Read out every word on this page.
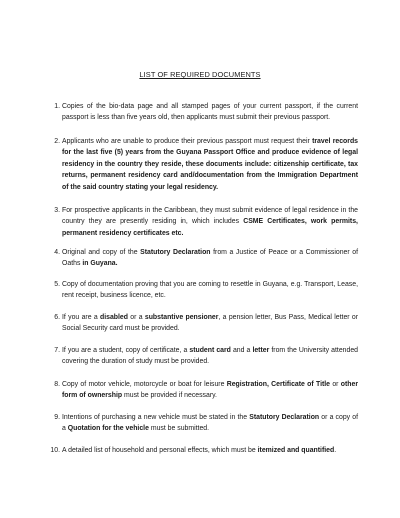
LIST OF REQUIRED DOCUMENTS
1. Copies of the bio-data page and all stamped pages of your current passport, if the current passport is less than five years old, then applicants must submit their previous passport.
2. Applicants who are unable to produce their previous passport must request their travel records for the last five (5) years from the Guyana Passport Office and produce evidence of legal residency in the country they reside, these documents include: citizenship certificate, tax returns, permanent residency card and/documentation from the Immigration Department of the said country stating your legal residency.
3. For prospective applicants in the Caribbean, they must submit evidence of legal residence in the country they are presently residing in, which includes CSME Certificates, work permits, permanent residency certificates etc.
4. Original and copy of the Statutory Declaration from a Justice of Peace or a Commissioner of Oaths in Guyana.
5. Copy of documentation proving that you are coming to resettle in Guyana, e.g. Transport, Lease, rent receipt, business licence, etc.
6. If you are a disabled or a substantive pensioner, a pension letter, Bus Pass, Medical letter or Social Security card must be provided.
7. If you are a student, copy of certificate, a student card and a letter from the University attended covering the duration of study must be provided.
8. Copy of motor vehicle, motorcycle or boat for leisure Registration, Certificate of Title or other form of ownership must be provided if necessary.
9. Intentions of purchasing a new vehicle must be stated in the Statutory Declaration or a copy of a Quotation for the vehicle must be submitted.
10. A detailed list of household and personal effects, which must be itemized and quantified.
